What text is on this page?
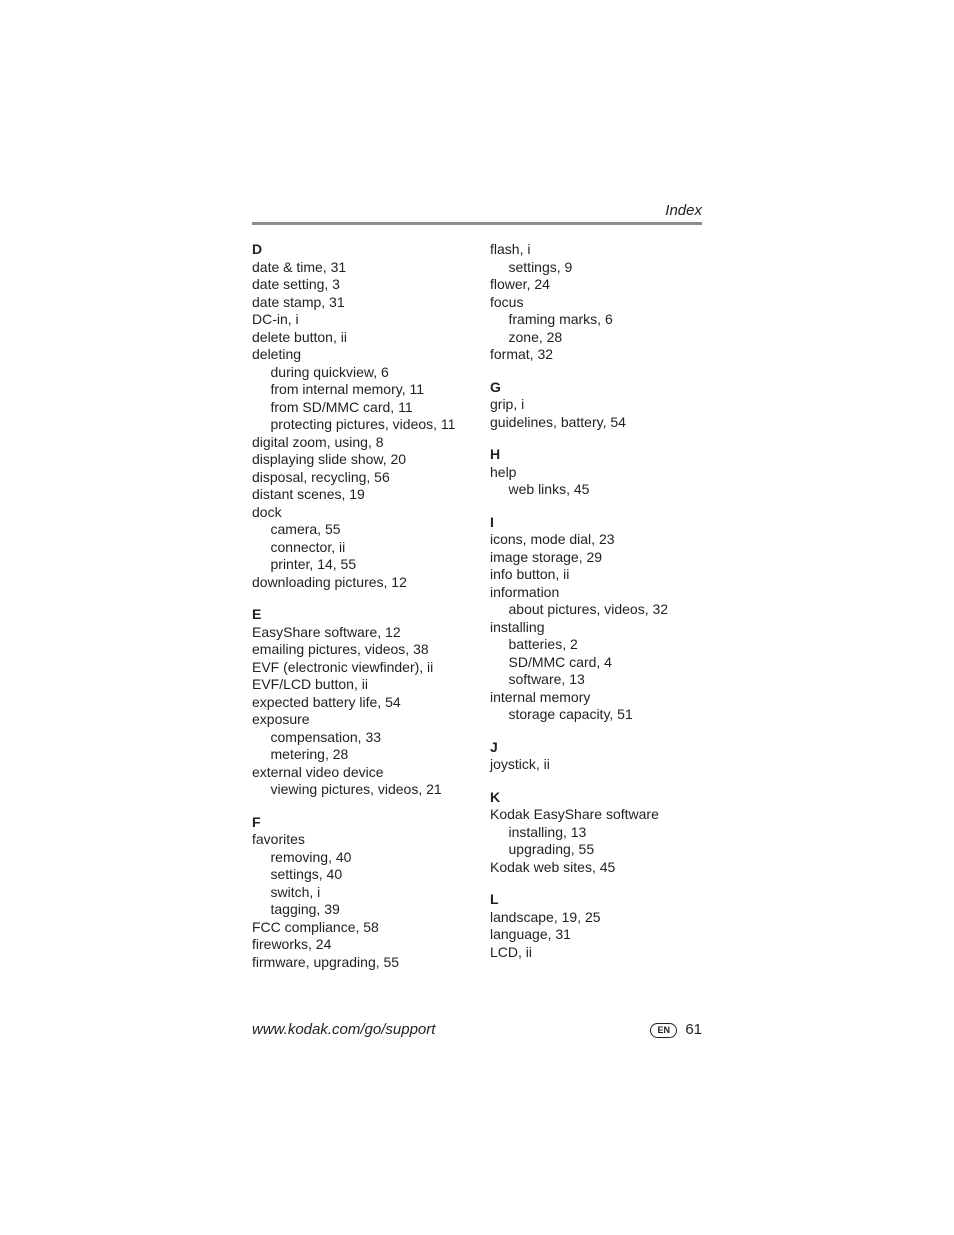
Index
D
date & time, 31
date setting, 3
date stamp, 31
DC-in, i
delete button, ii
deleting
during quickview, 6
from internal memory, 11
from SD/MMC card, 11
protecting pictures, videos, 11
digital zoom, using, 8
displaying slide show, 20
disposal, recycling, 56
distant scenes, 19
dock
camera, 55
connector, ii
printer, 14, 55
downloading pictures, 12
E
EasyShare software, 12
emailing pictures, videos, 38
EVF (electronic viewfinder), ii
EVF/LCD button, ii
expected battery life, 54
exposure
compensation, 33
metering, 28
external video device
viewing pictures, videos, 21
F
favorites
removing, 40
settings, 40
switch, i
tagging, 39
FCC compliance, 58
fireworks, 24
firmware, upgrading, 55
flash, i
settings, 9
flower, 24
focus
framing marks, 6
zone, 28
format, 32
G
grip, i
guidelines, battery, 54
H
help
web links, 45
I
icons, mode dial, 23
image storage, 29
info button, ii
information
about pictures, videos, 32
installing
batteries, 2
SD/MMC card, 4
software, 13
internal memory
storage capacity, 51
J
joystick, ii
K
Kodak EasyShare software
installing, 13
upgrading, 55
Kodak web sites, 45
L
landscape, 19, 25
language, 31
LCD, ii
www.kodak.com/go/support	EN	61
